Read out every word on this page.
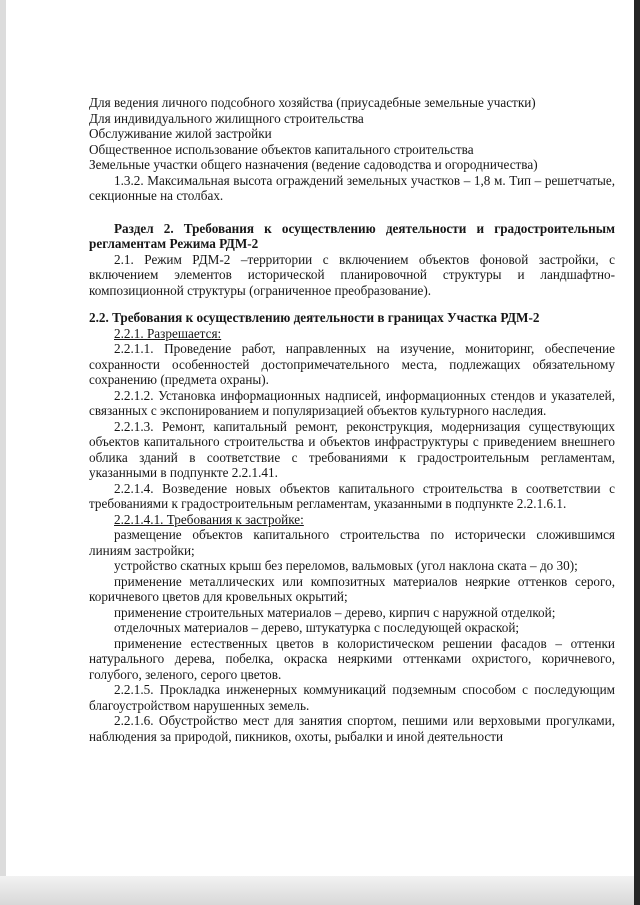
Для ведения личного подсобного хозяйства (приусадебные земельные участки)

Для индивидуального жилищного строительства

Обслуживание жилой застройки

Общественное использование объектов капитального строительства

Земельные участки общего назначения (ведение садоводства и огородничества)

1.3.2. Максимальная высота ограждений земельных участков – 1,8 м. Тип – решетчатые, секционные на столбах.

Раздел 2. Требования к осуществлению деятельности и градостроительным регламентам Режима РДМ-2

2.1. Режим РДМ-2 –территории с включением объектов фоновой застройки, с включением элементов исторической планировочной структуры и ландшафтно-композиционной структуры (ограниченное преобразование).

2.2. Требования к осуществлению деятельности в границах Участка РДМ-2

2.2.1. Разрешается:

2.2.1.1. Проведение работ, направленных на изучение, мониторинг, обеспечение сохранности особенностей достопримечательного места, подлежащих обязательному сохранению (предмета охраны).

2.2.1.2. Установка информационных надписей, информационных стендов и указателей, связанных с экспонированием и популяризацией объектов культурного наследия.

2.2.1.3. Ремонт, капитальный ремонт, реконструкция, модернизация существующих объектов капитального строительства и объектов инфраструктуры с приведением внешнего облика зданий в соответствие с требованиями к градостроительным регламентам, указанными в подпункте 2.2.1.41.

2.2.1.4. Возведение новых объектов капитального строительства в соответствии с требованиями к градостроительным регламентам, указанными в подпункте 2.2.1.6.1.

2.2.1.4.1. Требования к застройке:

размещение объектов капитального строительства по исторически сложившимся линиям застройки;

устройство скатных крыш без переломов, вальмовых (угол наклона ската – до 30);

применение металлических или композитных материалов неяркие оттенков серого, коричневого цветов для кровельных окрытий;

применение строительных материалов – дерево, кирпич с наружной отделкой;

отделочных материалов – дерево, штукатурка с последующей окраской;

применение естественных цветов в колористическом решении фасадов – оттенки натурального дерева, побелка, окраска неяркими оттенками охристого, коричневого, голубого, зеленого, серого цветов.

2.2.1.5. Прокладка инженерных коммуникаций подземным способом с последующим благоустройством нарушенных земель.

2.2.1.6. Обустройство мест для занятия спортом, пешими или верховыми прогулками, наблюдения за природой, пикников, охоты, рыбалки и иной деятельности
